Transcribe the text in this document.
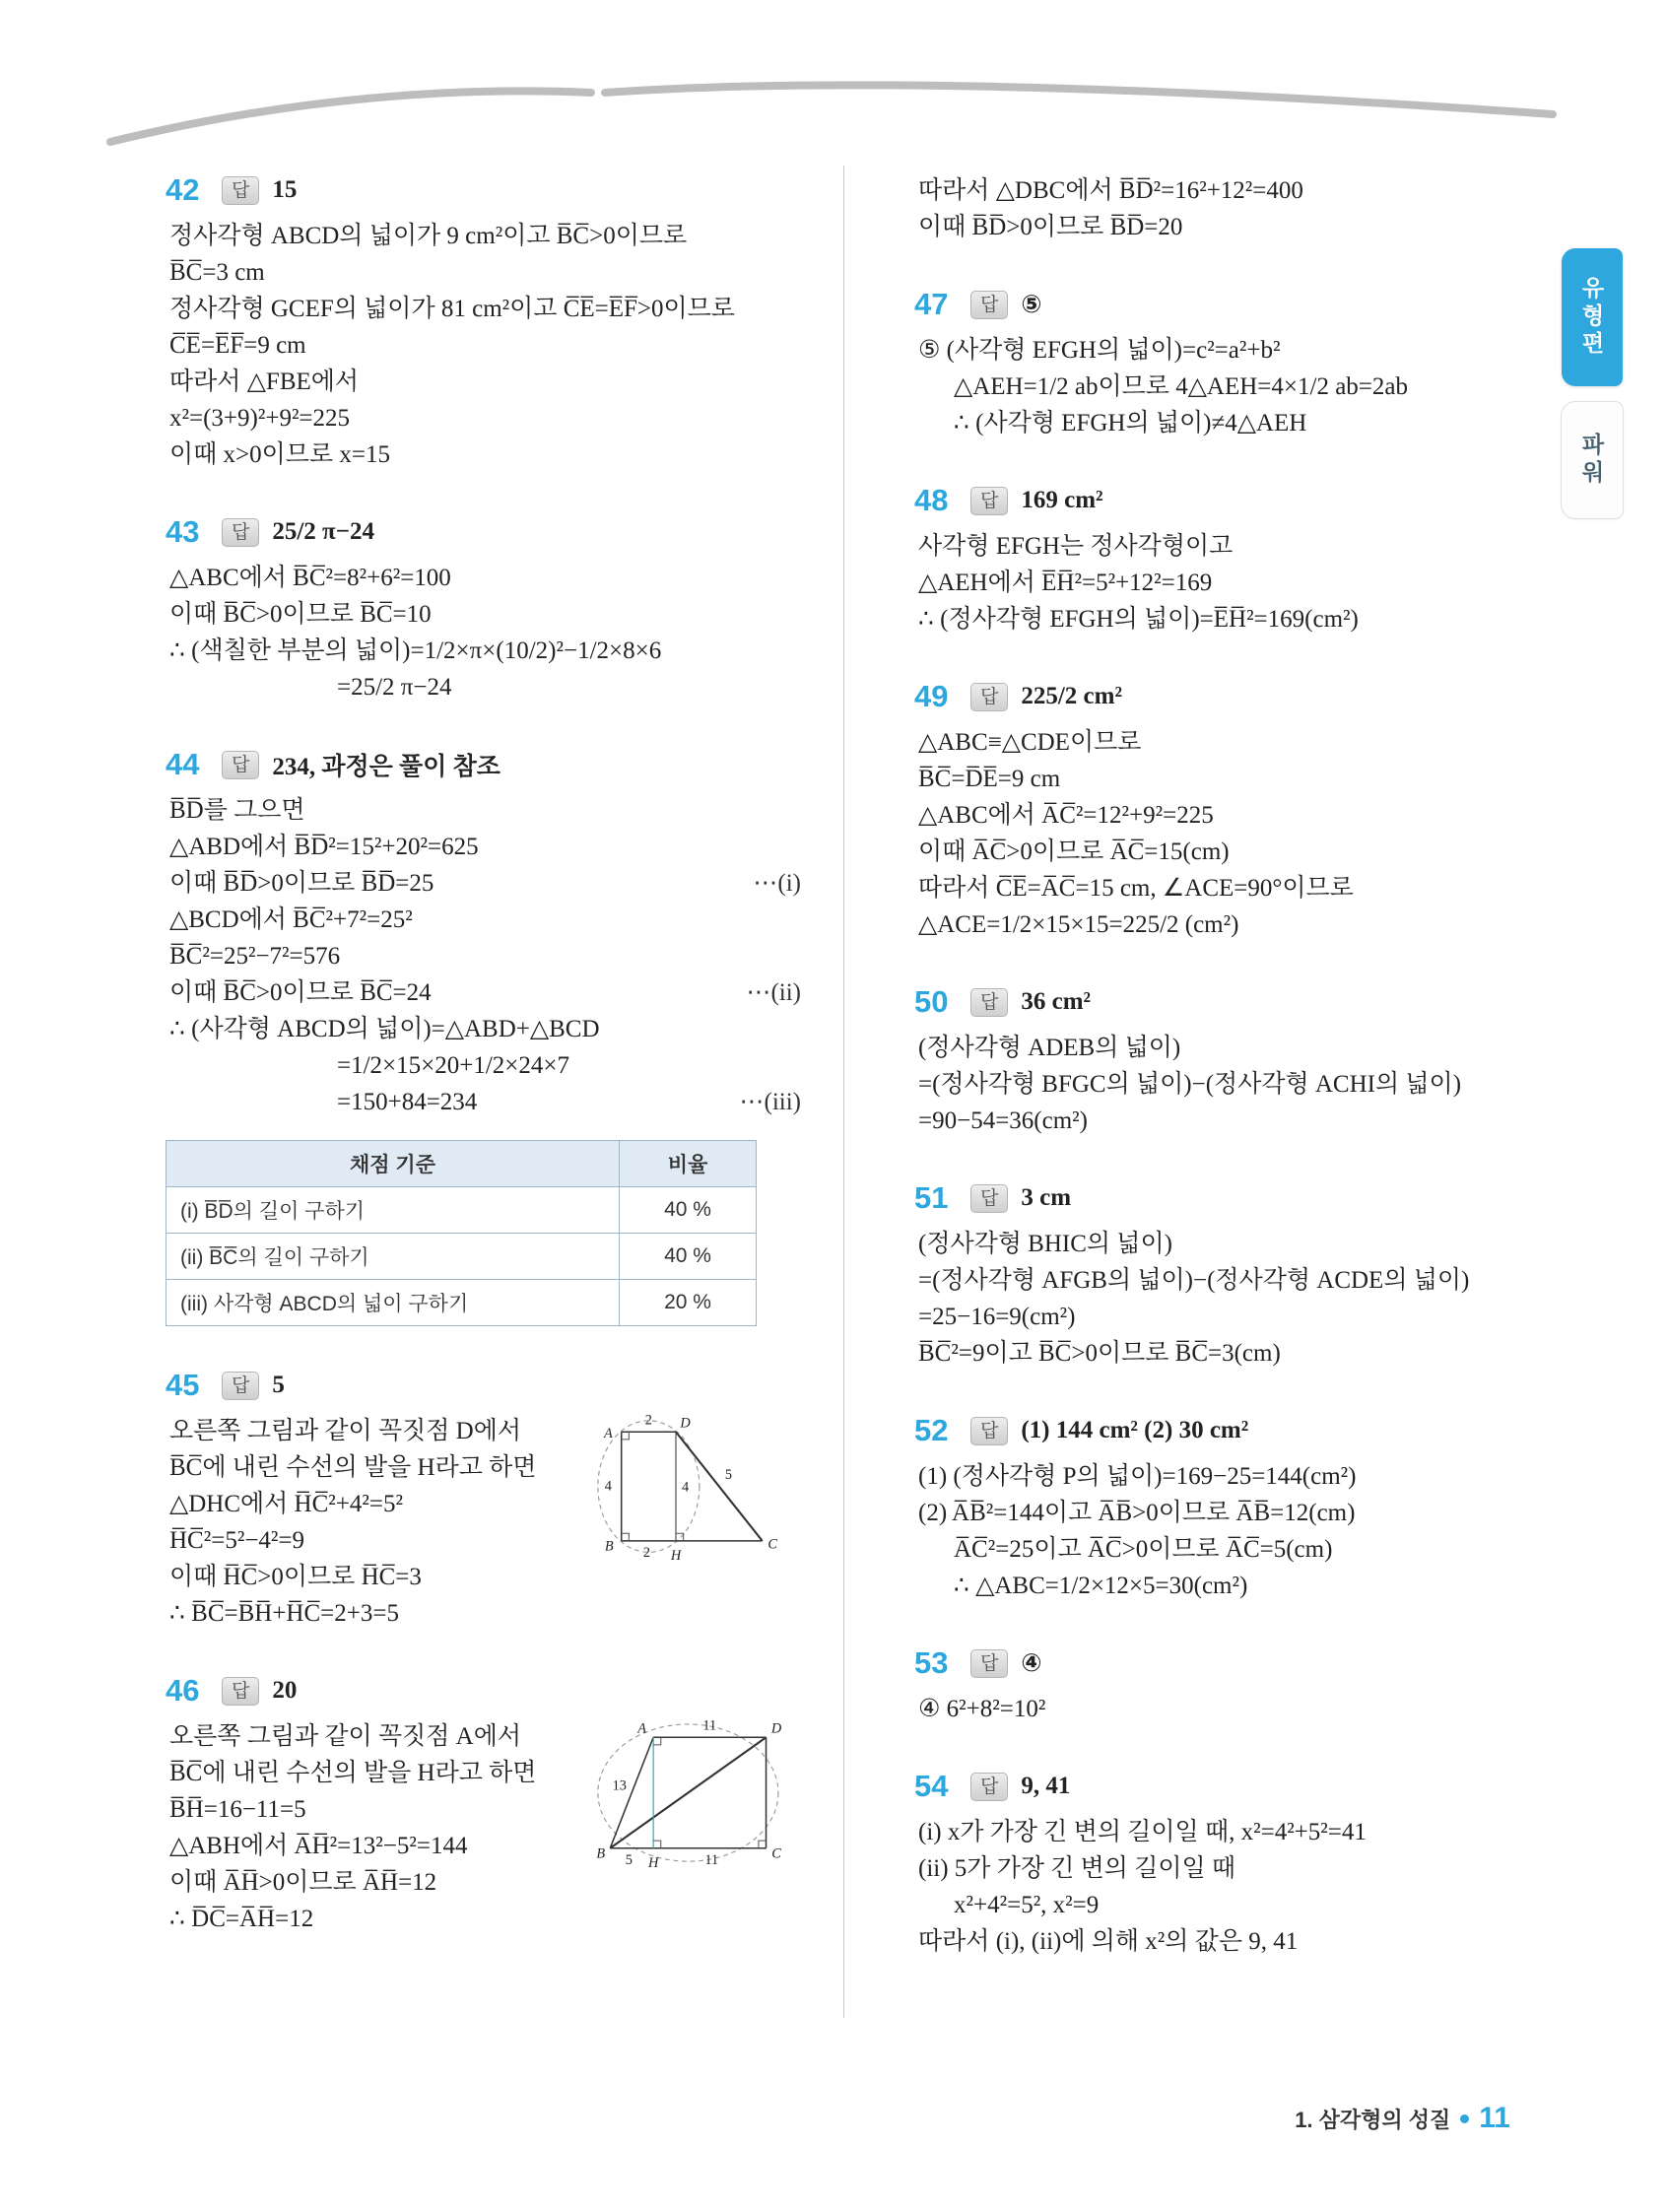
42	답 15
정사각형 ABCD의 넓이가 9 cm²이고 B̅C̅>0이므로
B̅C̅=3 cm
정사각형 GCEF의 넓이가 81 cm²이고 C̅E̅=E̅F̅>0이므로
C̅E̅=E̅F̅=9 cm
따라서 △FBE에서
x²=(3+9)²+9²=225
이때 x>0이므로 x=15
43	답 25/2 π−24
△ABC에서 B̅C̅²=8²+6²=100
이때 B̅C̅>0이므로 B̅C̅=10
∴ (색칠한 부분의 넓이)=1/2×π×(10/2)²−1/2×8×6
=25/2 π−24
44	답 234, 과정은 풀이 참조
B̅D̅를 그으면
△ABD에서 B̅D̅²=15²+20²=625
이때 B̅D̅>0이므로 B̅D̅=25	⋯(i)
△BCD에서 B̅C̅²+7²=25²
B̅C̅²=25²−7²=576
이때 B̅C̅>0이므로 B̅C̅=24	⋯(ii)
∴ (사각형 ABCD의 넓이)=△ABD+△BCD
=1/2×15×20+1/2×24×7
=150+84=234	⋯(iii)
채점 기준	비율
(i) B̅D̅의 길이 구하기	40 %
(ii) B̅C̅의 길이 구하기	40 %
(iii) 사각형 ABCD의 넓이 구하기	20 %
45	답 5
오른쪽 그림과 같이 꼭짓점 D에서
B̅C̅에 내린 수선의 발을 H라고 하면
△DHC에서 H̅C̅²+4²=5²
H̅C̅²=5²−4²=9
이때 H̅C̅>0이므로 H̅C̅=3
∴ B̅C̅=B̅H̅+H̅C̅=2+3=5
A
D
B
H
C
2
4	4
5
2
46	답 20
오른쪽 그림과 같이 꼭짓점 A에서
B̅C̅에 내린 수선의 발을 H라고 하면
B̅H̅=16−11=5
△ABH에서 A̅H̅²=13²−5²=144
이때 A̅H̅>0이므로 A̅H̅=12
∴ D̅C̅=A̅H̅=12
A	D
B
H
C
11
13
5	11
따라서 △DBC에서 B̅D̅²=16²+12²=400
이때 B̅D̅>0이므로 B̅D̅=20
47	답 ⑤
⑤ (사각형 EFGH의 넓이)=c²=a²+b²
△AEH=1/2 ab이므로 4△AEH=4×1/2 ab=2ab
∴ (사각형 EFGH의 넓이)≠4△AEH
48	답 169 cm²
사각형 EFGH는 정사각형이고
△AEH에서 E̅H̅²=5²+12²=169
∴ (정사각형 EFGH의 넓이)=E̅H̅²=169(cm²)
49	답 225/2 cm²
△ABC≡△CDE이므로
B̅C̅=D̅E̅=9 cm
△ABC에서 A̅C̅²=12²+9²=225
이때 A̅C̅>0이므로 A̅C̅=15(cm)
따라서 C̅E̅=A̅C̅=15 cm, ∠ACE=90°이므로
△ACE=1/2×15×15=225/2 (cm²)
50	답 36 cm²
(정사각형 ADEB의 넓이)
=(정사각형 BFGC의 넓이)−(정사각형 ACHI의 넓이)
=90−54=36(cm²)
51	답 3 cm
(정사각형 BHIC의 넓이)
=(정사각형 AFGB의 넓이)−(정사각형 ACDE의 넓이)
=25−16=9(cm²)
B̅C̅²=9이고 B̅C̅>0이므로 B̅C̅=3(cm)
52	답 (1) 144 cm² (2) 30 cm²
(1) (정사각형 P의 넓이)=169−25=144(cm²)
(2) A̅B̅²=144이고 A̅B̅>0이므로 A̅B̅=12(cm)
A̅C̅²=25이고 A̅C̅>0이므로 A̅C̅=5(cm)
∴ △ABC=1/2×12×5=30(cm²)
53	답 ④
④ 6²+8²=10²
54	답 9, 41
(i) x가 가장 긴 변의 길이일 때, x²=4²+5²=41
(ii) 5가 가장 긴 변의 길이일 때
x²+4²=5², x²=9
따라서 (i), (ii)에 의해 x²의 값은 9, 41
유형편
파워
1. 삼각형의 성질 11
